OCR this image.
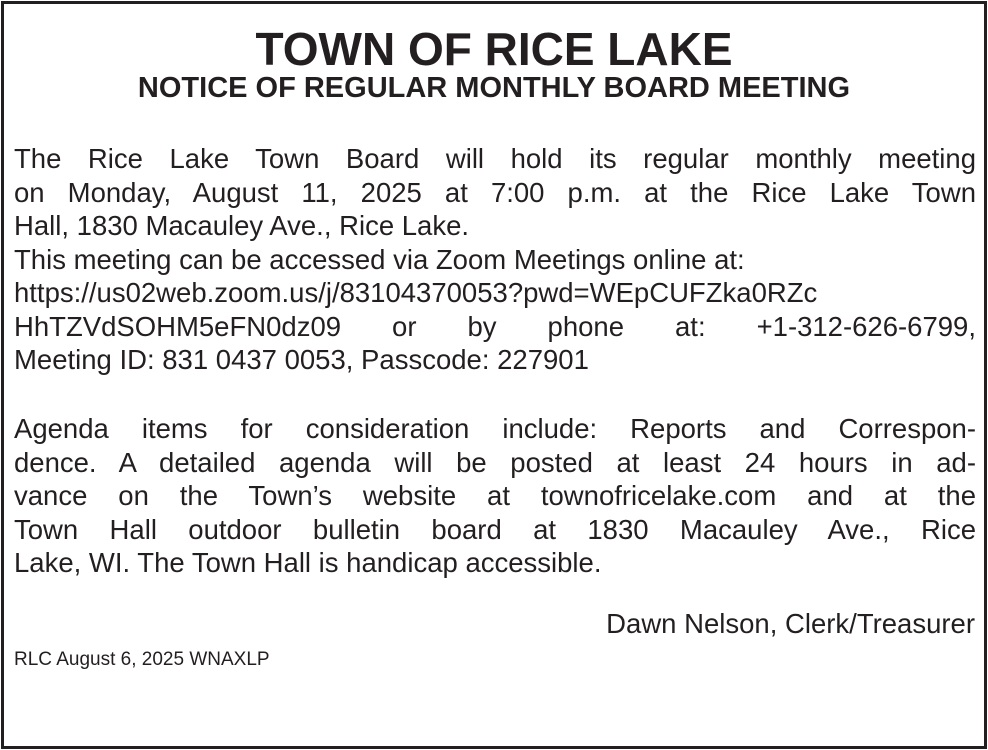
TOWN OF RICE LAKE
NOTICE OF REGULAR MONTHLY BOARD MEETING
The Rice Lake Town Board will hold its regular monthly meeting
on Monday, August 11, 2025 at 7:00 p.m. at the Rice Lake Town
Hall, 1830 Macauley Ave., Rice Lake.
This meeting can be accessed via Zoom Meetings online at:
https://us02web.zoom.us/j/83104370053?pwd=WEpCUFZka0RZc
HhTZVdSOHM5eFN0dz09 or by phone at: +1-312-626-6799,
Meeting ID: 831 0437 0053, Passcode: 227901
Agenda items for consideration include: Reports and Correspon-
dence. A detailed agenda will be posted at least 24 hours in ad-
vance on the Town’s website at townofricelake.com and at the
Town Hall outdoor bulletin board at 1830 Macauley Ave., Rice
Lake, WI. The Town Hall is handicap accessible.
Dawn Nelson, Clerk/Treasurer
RLC August 6, 2025 WNAXLP
